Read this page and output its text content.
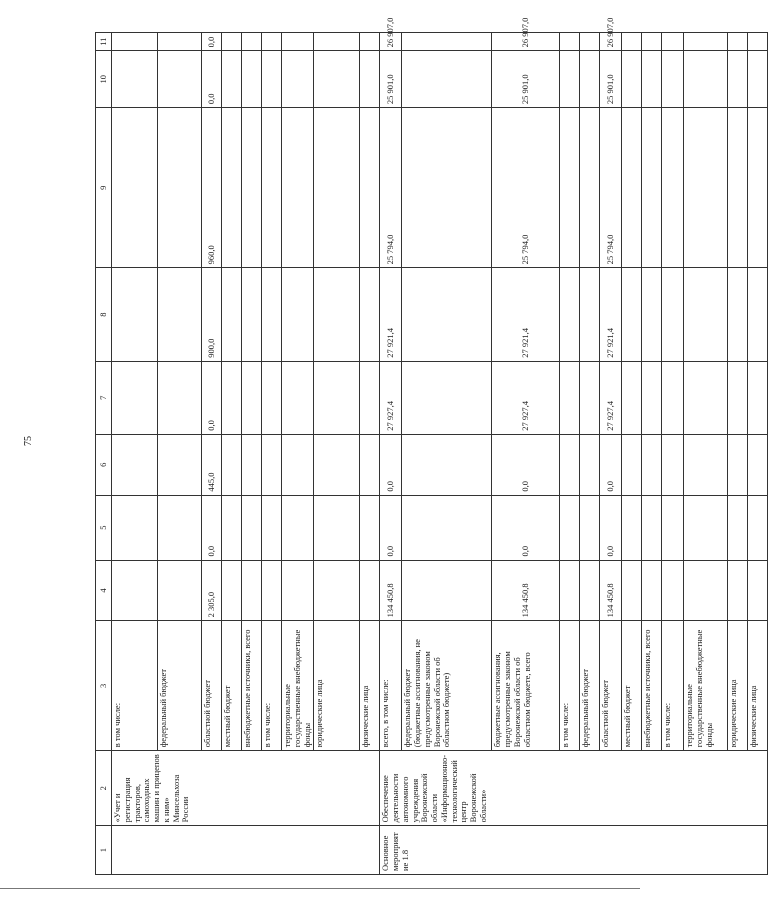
75
1	2	3	4	5	6	7	8	9	10	11
	«Учет и регистрация тракторов, самоходных машин и прицепов к ним» Минсельхоза России	в том числе:								
		федеральный бюджет								
		областной бюджет	2 305,0	0,0	445,0	0,0	900,0	960,0	0,0	0,0
		местный бюджет								
		внебюджетные источники, всего								
		в том числе:								
		территориальные государственные внебюджетные фонды								
		юридические лица								
		физические лица								
Основное мероприятие 1.8	Обеспечение деятельности автономного учреждения Воронежской области «Информационно-технологический центр Воронежской области»	всего, в том числе:	134 450,8	0,0	0,0	27 927,4	27 921,4	25 794,0	25 901,0	26 907,0
		федеральный бюджет (бюджетные ассигнования, не предусмотренные законом Воронежской области об областном бюджете)								
		бюджетные ассигнования, предусмотренные законом Воронежской области об областном бюджете, всего	134 450,8	0,0	0,0	27 927,4	27 921,4	25 794,0	25 901,0	26 907,0
		в том числе:								
		федеральный бюджет								
		областной бюджет	134 450,8	0,0	0,0	27 927,4	27 921,4	25 794,0	25 901,0	26 907,0
		местный бюджет								
		внебюджетные источники, всего								
		в том числе:								
		территориальные государственные внебюджетные фонды								
		юридические лица								
		физические лица								
